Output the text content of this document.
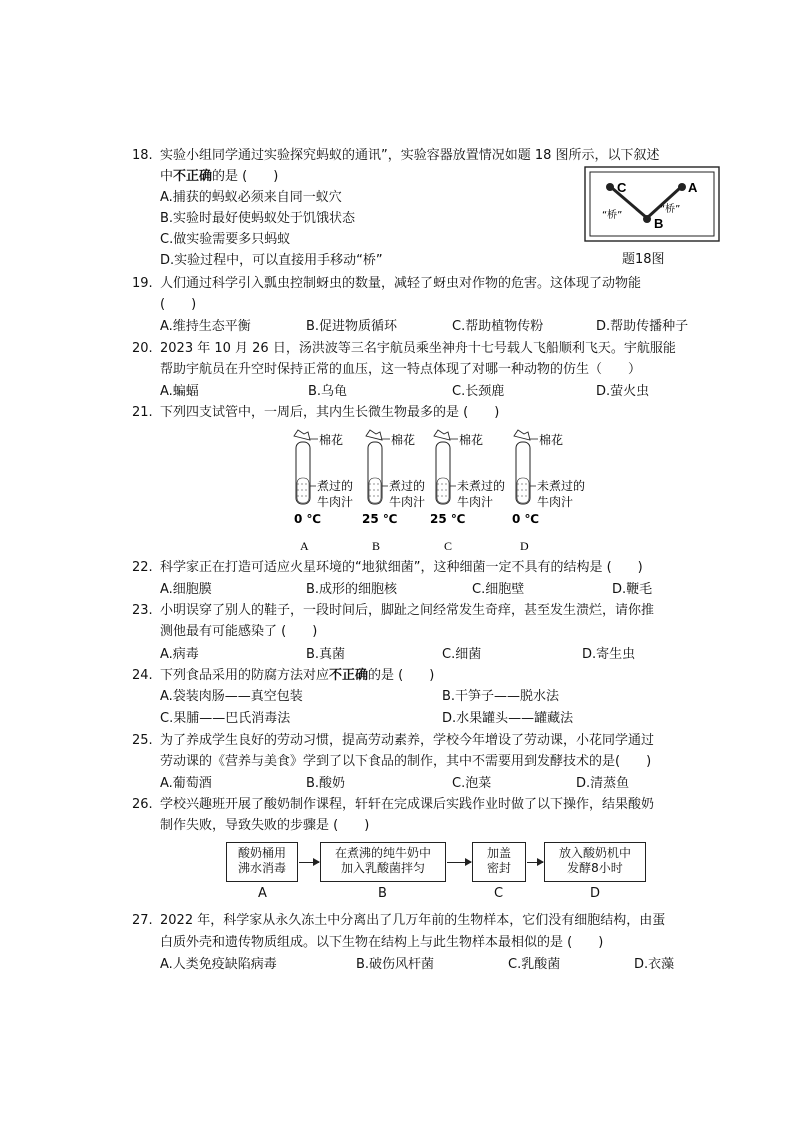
18. 实验小组同学通过实验探究蚂蚁的通讯”，实验容器放置情况如题 18 图所示，以下叙述
中不正确的是 (　　)
A.捕获的蚂蚁必须来自同一蚁穴
B.实验时最好使蚂蚁处于饥饿状态
C.做实验需要多只蚂蚁
D.实验过程中，可以直接用手移动“桥”
C	A
B
“桥”
“桥”
题18图
19. 人们通过科学引入瓢虫控制蚜虫的数量，减轻了蚜虫对作物的危害。这体现了动物能
(　　)
A.维持生态平衡	B.促进物质循环	C.帮助植物传粉	D.帮助传播种子
20. 2023 年 10 月 26 日，汤洪波等三名宇航员乘坐神舟十七号载人飞船顺利飞天。宇航服能
帮助宇航员在升空时保持正常的血压，这一特点体现了对哪一种动物的仿生（　　）
A.蝙蝠	B.乌龟	C.长颈鹿	D.萤火虫
21. 下列四支试管中，一周后，其内生长微生物最多的是 (　　)
棉花
煮过的
牛肉汁
0 ℃
A
棉花
煮过的
牛肉汁
25 ℃
B
棉花
未煮过的
牛肉汁
25 ℃
C
棉花
未煮过的
牛肉汁
0 ℃
D
22. 科学家正在打造可适应火星环境的“地狱细菌”，这种细菌一定不具有的结构是 (　　)
A.细胞膜	B.成形的细胞核	C.细胞壁	D.鞭毛
23. 小明误穿了别人的鞋子，一段时间后，脚趾之间经常发生奇痒，甚至发生溃烂，请你推
测他最有可能感染了 (　　)
A.病毒	B.真菌	C.细菌	D.寄生虫
24. 下列食品采用的防腐方法对应不正确的是 (　　)
A.袋装肉肠——真空包装	B.干笋子——脱水法
C.果脯——巴氏消毒法	D.水果罐头——罐藏法
25. 为了养成学生良好的劳动习惯，提高劳动素养，学校今年增设了劳动课，小花同学通过
劳动课的《营养与美食》学到了以下食品的制作，其中不需要用到发酵技术的是(　　)
A.葡萄酒	B.酸奶	C.泡菜	D.清蒸鱼
26. 学校兴趣班开展了酸奶制作课程，轩轩在完成课后实践作业时做了以下操作，结果酸奶
制作失败，导致失败的步骤是 (　　)
酸奶桶用
沸水消毒
在煮沸的纯牛奶中
加入乳酸菌拌匀
加盖
密封
放入酸奶机中
发酵8小时
A	B	C	D
27. 2022 年，科学家从永久冻土中分离出了几万年前的生物样本，它们没有细胞结构，由蛋
白质外壳和遗传物质组成。以下生物在结构上与此生物样本最相似的是 (　　)
A.人类免疫缺陷病毒	B.破伤风杆菌	C.乳酸菌	D.衣藻
